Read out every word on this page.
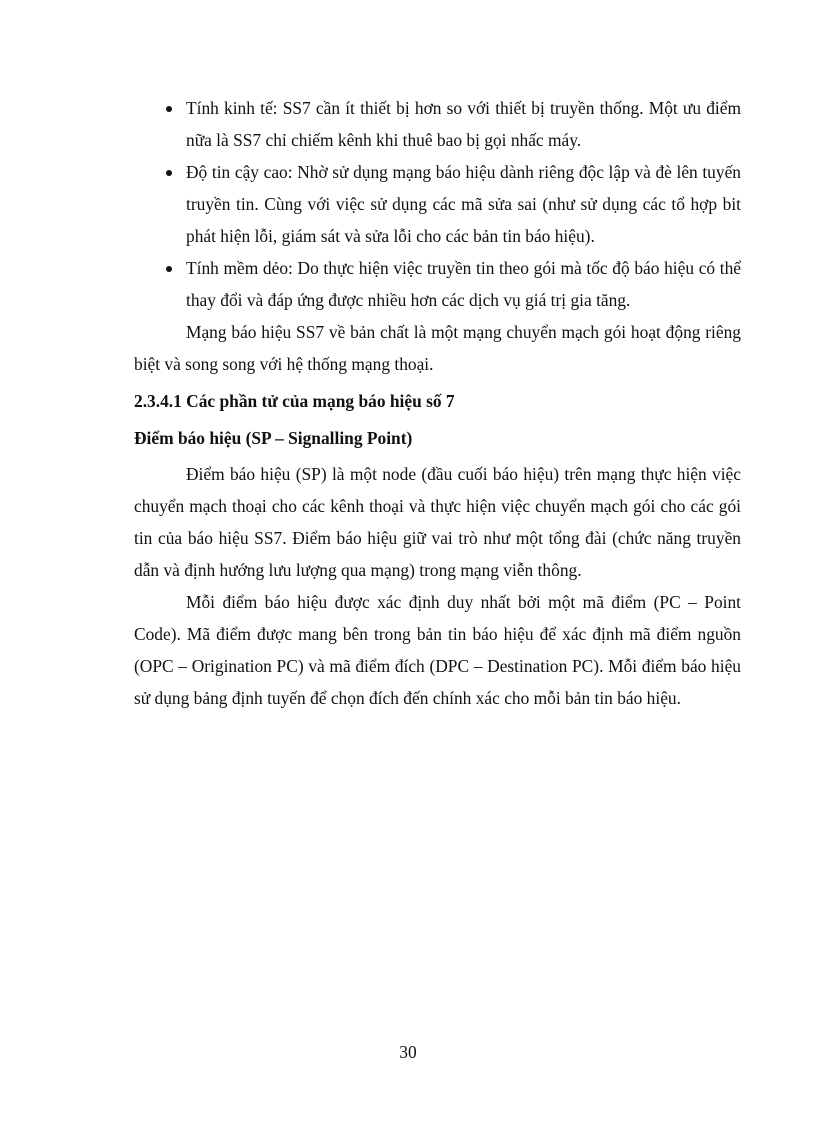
Tính kinh tế: SS7 cần ít thiết bị hơn so với thiết bị truyền thống. Một ưu điểm nữa là SS7 chỉ chiếm kênh khi thuê bao bị gọi nhấc máy.
Độ tin cậy cao: Nhờ sử dụng mạng báo hiệu dành riêng độc lập và đè lên tuyến truyền tin. Cùng với việc sử dụng các mã sửa sai (như sử dụng các tổ hợp bit phát hiện lỗi, giám sát và sửa lỗi cho các bản tin báo hiệu).
Tính mềm dẻo: Do thực hiện việc truyền tin theo gói mà tốc độ báo hiệu có thể thay đổi và đáp ứng được nhiều hơn các dịch vụ giá trị gia tăng.

Mạng báo hiệu SS7 về bản chất là một mạng chuyển mạch gói hoạt động riêng biệt và song song với hệ thống mạng thoại.

2.3.4.1 Các phần tử của mạng báo hiệu số 7
Điểm báo hiệu (SP – Signalling Point)

Điểm báo hiệu (SP) là một node (đầu cuối báo hiệu) trên mạng thực hiện việc chuyển mạch thoại cho các kênh thoại và thực hiện việc chuyển mạch gói cho các gói tin của báo hiệu SS7. Điểm báo hiệu giữ vai trò như một tổng đài (chức năng truyền dẫn và định hướng lưu lượng qua mạng) trong mạng viễn thông.

Mỗi điểm báo hiệu được xác định duy nhất bởi một mã điểm (PC – Point Code). Mã điểm được mang bên trong bản tin báo hiệu để xác định mã điểm nguồn (OPC – Origination PC) và mã điểm đích (DPC – Destination PC). Mỗi điểm báo hiệu sử dụng bảng định tuyến để chọn đích đến chính xác cho mỗi bản tin báo hiệu.

30
